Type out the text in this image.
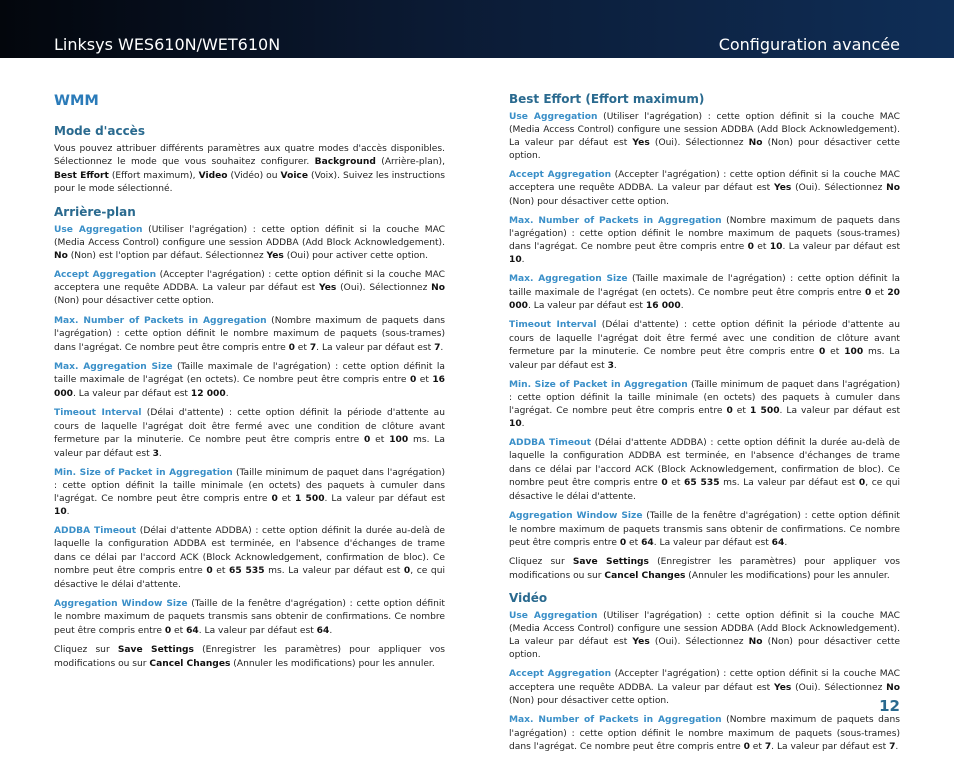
Linksys WES610N/WET610N	Configuration avancée
WMM
Mode d'accès

Vous pouvez attribuer différents paramètres aux quatre modes d'accès disponibles. Sélectionnez le mode que vous souhaitez configurer. Background (Arrière-plan), Best Effort (Effort maximum), Video (Vidéo) ou Voice (Voix). Suivez les instructions pour le mode sélectionné.

Arrière-plan

Use Aggregation (Utiliser l'agrégation) : cette option définit si la couche MAC (Media Access Control) configure une session ADDBA (Add Block Acknowledgement). No (Non) est l'option par défaut. Sélectionnez Yes (Oui) pour activer cette option.

Accept Aggregation (Accepter l'agrégation) : cette option définit si la couche MAC acceptera une requête ADDBA. La valeur par défaut est Yes (Oui). Sélectionnez No (Non) pour désactiver cette option.

Max. Number of Packets in Aggregation (Nombre maximum de paquets dans l'agrégation) : cette option définit le nombre maximum de paquets (sous-trames) dans l'agrégat. Ce nombre peut être compris entre 0 et 7. La valeur par défaut est 7.

Max. Aggregation Size (Taille maximale de l'agrégation) : cette option définit la taille maximale de l'agrégat (en octets). Ce nombre peut être compris entre 0 et 16 000. La valeur par défaut est 12 000.

Timeout Interval (Délai d'attente) : cette option définit la période d'attente au cours de laquelle l'agrégat doit être fermé avec une condition de clôture avant fermeture par la minuterie. Ce nombre peut être compris entre 0 et 100 ms. La valeur par défaut est 3.

Min. Size of Packet in Aggregation (Taille minimum de paquet dans l'agrégation) : cette option définit la taille minimale (en octets) des paquets à cumuler dans l'agrégat. Ce nombre peut être compris entre 0 et 1 500. La valeur par défaut est 10.

ADDBA Timeout (Délai d'attente ADDBA) : cette option définit la durée au-delà de laquelle la configuration ADDBA est terminée, en l'absence d'échanges de trame dans ce délai par l'accord ACK (Block Acknowledgement, confirmation de bloc). Ce nombre peut être compris entre 0 et 65 535 ms. La valeur par défaut est 0, ce qui désactive le délai d'attente.

Aggregation Window Size (Taille de la fenêtre d'agrégation) : cette option définit le nombre maximum de paquets transmis sans obtenir de confirmations. Ce nombre peut être compris entre 0 et 64. La valeur par défaut est 64.

Cliquez sur Save Settings (Enregistrer les paramètres) pour appliquer vos modifications ou sur Cancel Changes (Annuler les modifications) pour les annuler.

Best Effort (Effort maximum)

Use Aggregation (Utiliser l'agrégation) : cette option définit si la couche MAC (Media Access Control) configure une session ADDBA (Add Block Acknowledgement). La valeur par défaut est Yes (Oui). Sélectionnez No (Non) pour désactiver cette option.

Accept Aggregation (Accepter l'agrégation) : cette option définit si la couche MAC acceptera une requête ADDBA. La valeur par défaut est Yes (Oui). Sélectionnez No (Non) pour désactiver cette option.

Max. Number of Packets in Aggregation (Nombre maximum de paquets dans l'agrégation) : cette option définit le nombre maximum de paquets (sous-trames) dans l'agrégat. Ce nombre peut être compris entre 0 et 10. La valeur par défaut est 10.

Max. Aggregation Size (Taille maximale de l'agrégation) : cette option définit la taille maximale de l'agrégat (en octets). Ce nombre peut être compris entre 0 et 20 000. La valeur par défaut est 16 000.

Timeout Interval (Délai d'attente) : cette option définit la période d'attente au cours de laquelle l'agrégat doit être fermé avec une condition de clôture avant fermeture par la minuterie. Ce nombre peut être compris entre 0 et 100 ms. La valeur par défaut est 3.

Min. Size of Packet in Aggregation (Taille minimum de paquet dans l'agrégation) : cette option définit la taille minimale (en octets) des paquets à cumuler dans l'agrégat. Ce nombre peut être compris entre 0 et 1 500. La valeur par défaut est 10.

ADDBA Timeout (Délai d'attente ADDBA) : cette option définit la durée au-delà de laquelle la configuration ADDBA est terminée, en l'absence d'échanges de trame dans ce délai par l'accord ACK (Block Acknowledgement, confirmation de bloc). Ce nombre peut être compris entre 0 et 65 535 ms. La valeur par défaut est 0, ce qui désactive le délai d'attente.

Aggregation Window Size (Taille de la fenêtre d'agrégation) : cette option définit le nombre maximum de paquets transmis sans obtenir de confirmations. Ce nombre peut être compris entre 0 et 64. La valeur par défaut est 64.

Cliquez sur Save Settings (Enregistrer les paramètres) pour appliquer vos modifications ou sur Cancel Changes (Annuler les modifications) pour les annuler.

Vidéo

Use Aggregation (Utiliser l'agrégation) : cette option définit si la couche MAC (Media Access Control) configure une session ADDBA (Add Block Acknowledgement). La valeur par défaut est Yes (Oui). Sélectionnez No (Non) pour désactiver cette option.

Accept Aggregation (Accepter l'agrégation) : cette option définit si la couche MAC acceptera une requête ADDBA. La valeur par défaut est Yes (Oui). Sélectionnez No (Non) pour désactiver cette option.

Max. Number of Packets in Aggregation (Nombre maximum de paquets dans l'agrégation) : cette option définit le nombre maximum de paquets (sous-trames) dans l'agrégat. Ce nombre peut être compris entre 0 et 7. La valeur par défaut est 7.

12
